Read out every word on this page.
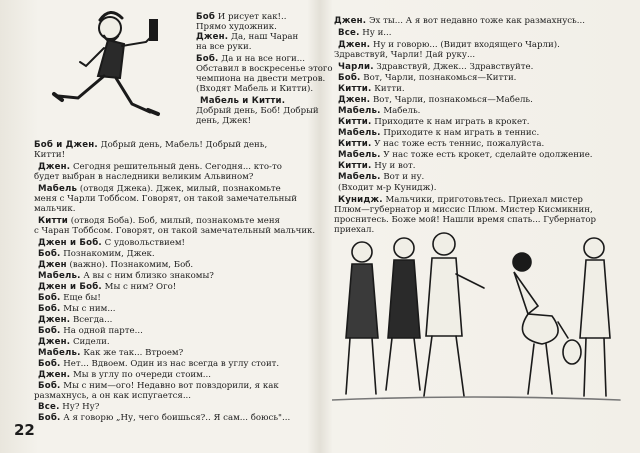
Боб И рисует как!..
Прямо художник.
Джен. Да, наш Чаран
на все руки.
Боб. Да и на все ноги...
Обставил в воскресенье этого
чемпиона на двести метров.
(Входят Мабель и Китти).
Мабель и Китти.
Добрый день, Боб! Добрый
день, Джек!
Боб и Джен. Добрый день, Мабель! Добрый день,
Китти!
Джен. Сегодня решительный день. Сегодня... кто-то
будет выбран в наследники великим Альвином?
Мабель (отводя Джека). Джек, милый, познакомьте
меня с Чарли Тоббсом. Говорят, он такой замечательный
мальчик.
Китти (отводя Боба). Боб, милый, познакомьте меня
с Чаран Тоббсом. Говорят, он такой замечательный мальчик.
Джен и Боб. С удовольствием!
Боб. Познакомим, Джек.
Джен (важно). Познакомим, Боб.
Мабель. А вы с ним близко знакомы?
Джен и Боб. Мы с ним? Ого!
Боб. Еще бы!
Боб. Мы с ним...
Джен. Всегда...
Боб. На одной парте...
Джен. Сидели.
Мабель. Как же так... Втроем?
Боб. Нет... Вдвоем. Один из нас всегда в углу стоит.
Джен. Мы в углу по очереди стоим...
Боб. Мы с ним—ого! Недавно вот повздорили, я как
размахнусь, а он как испугается...
Все. Ну? Ну?
Боб. А я говорю „Ну, чего боишься?.. Я сам... боюсь"...
22
Джен. Эх ты... А я вот недавно тоже как размахнусь...
Все. Ну и...
Джен. Ну и говорю... (Видит входящего Чарли).
Здравствуй, Чарли! Дай руку...
Чарли. Здравствуй, Джек... Здравствуйте.
Боб. Вот, Чарли, познакомься—Китти.
Китти. Китти.
Джен. Вот, Чарли, познакомься—Мабель.
Мабель. Мабель.
Китти. Приходите к нам играть в крокет.
Мабель. Приходите к нам играть в теннис.
Китти. У нас тоже есть теннис, пожалуйста.
Мабель. У нас тоже есть крокет, сделайте одолжение.
Китти. Ну и вот.
Мабель. Вот и ну.
(Входит м-р Кунидж).
Кунидж. Мальчики, приготовьтесь. Приехал мистер
Плюм—губернатор и миссис Плюм. Мистер Кисмикнин,
проснитесь. Боже мой! Нашли время спать... Губернатор
приехал.
